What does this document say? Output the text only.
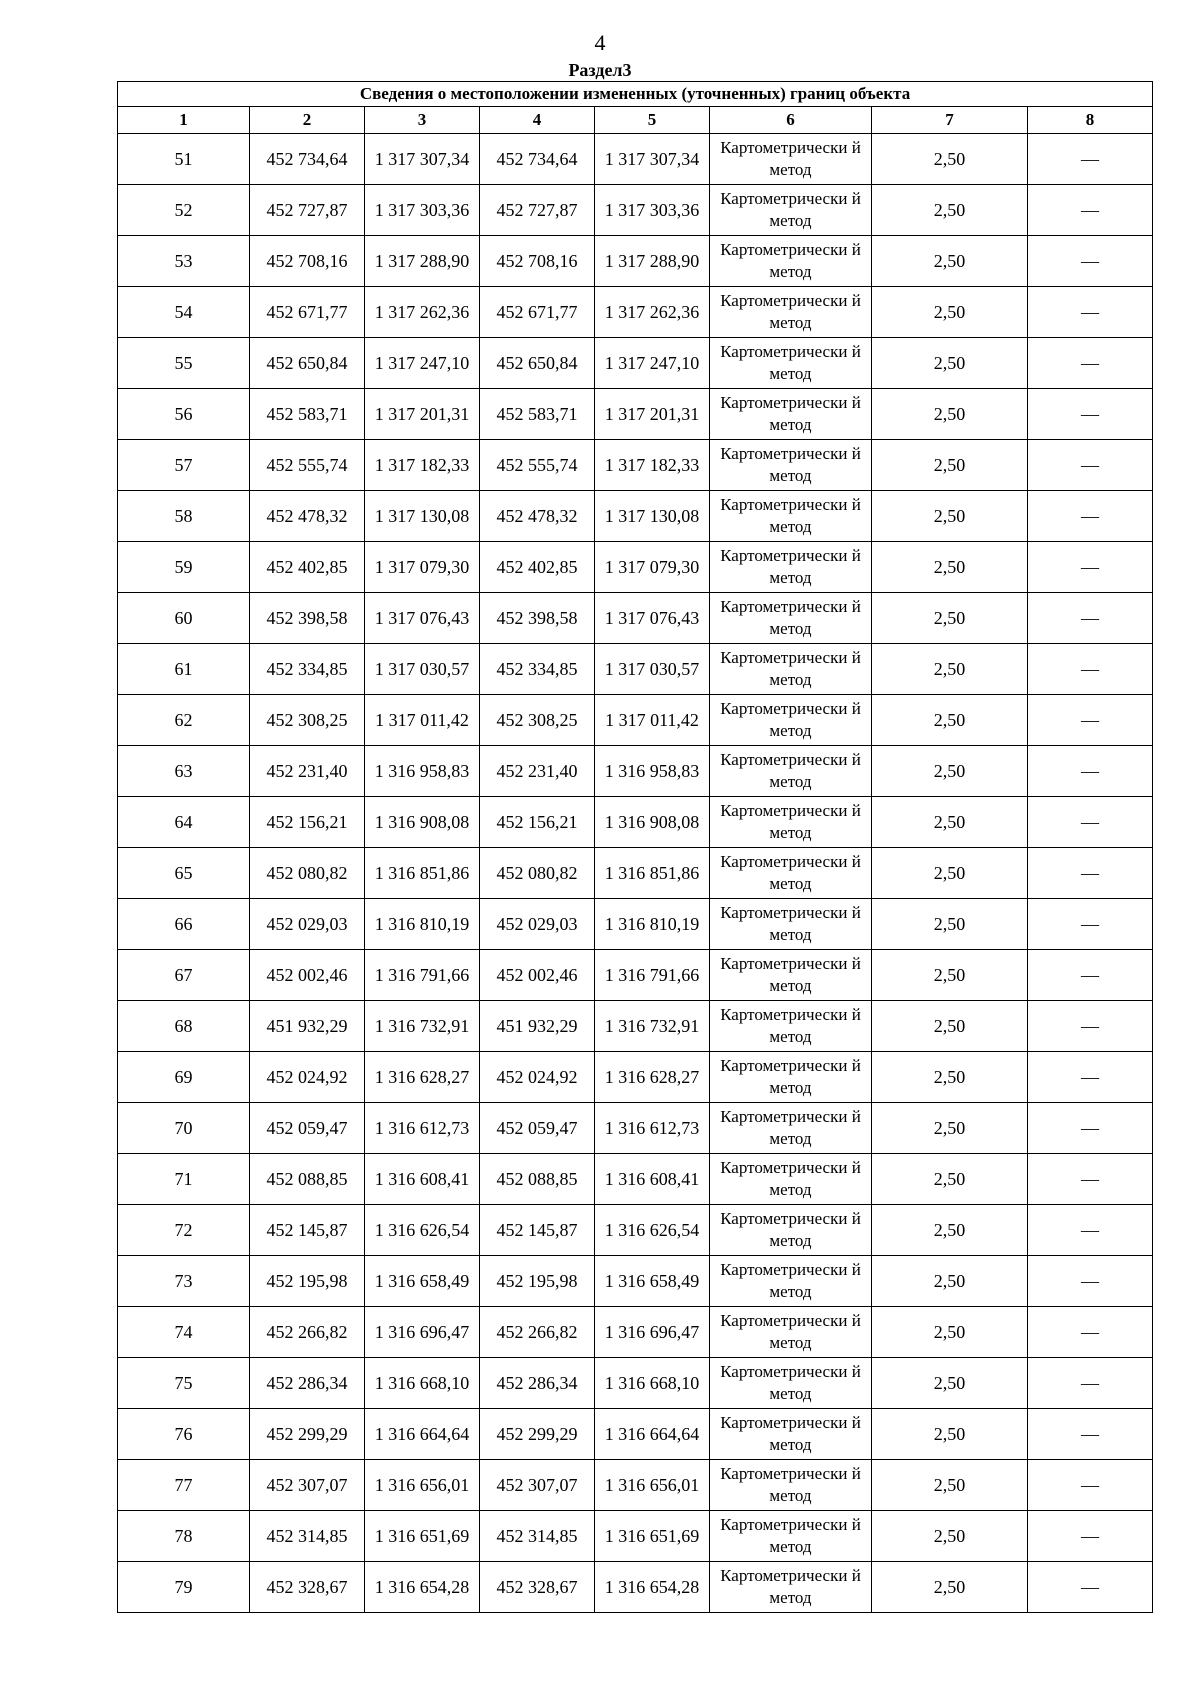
4
Раздел3
Сведения о местоположении измененных (уточненных) границ объекта							
1	2	3	4	5	6	7	8
51	452 734,64	1 317 307,34	452 734,64	1 317 307,34	Картометрически й метод	2,50	—
52	452 727,87	1 317 303,36	452 727,87	1 317 303,36	Картометрически й метод	2,50	—
53	452 708,16	1 317 288,90	452 708,16	1 317 288,90	Картометрически й метод	2,50	—
54	452 671,77	1 317 262,36	452 671,77	1 317 262,36	Картометрически й метод	2,50	—
55	452 650,84	1 317 247,10	452 650,84	1 317 247,10	Картометрически й метод	2,50	—
56	452 583,71	1 317 201,31	452 583,71	1 317 201,31	Картометрически й метод	2,50	—
57	452 555,74	1 317 182,33	452 555,74	1 317 182,33	Картометрически й метод	2,50	—
58	452 478,32	1 317 130,08	452 478,32	1 317 130,08	Картометрически й метод	2,50	—
59	452 402,85	1 317 079,30	452 402,85	1 317 079,30	Картометрически й метод	2,50	—
60	452 398,58	1 317 076,43	452 398,58	1 317 076,43	Картометрически й метод	2,50	—
61	452 334,85	1 317 030,57	452 334,85	1 317 030,57	Картометрически й метод	2,50	—
62	452 308,25	1 317 011,42	452 308,25	1 317 011,42	Картометрически й метод	2,50	—
63	452 231,40	1 316 958,83	452 231,40	1 316 958,83	Картометрически й метод	2,50	—
64	452 156,21	1 316 908,08	452 156,21	1 316 908,08	Картометрически й метод	2,50	—
65	452 080,82	1 316 851,86	452 080,82	1 316 851,86	Картометрически й метод	2,50	—
66	452 029,03	1 316 810,19	452 029,03	1 316 810,19	Картометрически й метод	2,50	—
67	452 002,46	1 316 791,66	452 002,46	1 316 791,66	Картометрически й метод	2,50	—
68	451 932,29	1 316 732,91	451 932,29	1 316 732,91	Картометрически й метод	2,50	—
69	452 024,92	1 316 628,27	452 024,92	1 316 628,27	Картометрически й метод	2,50	—
70	452 059,47	1 316 612,73	452 059,47	1 316 612,73	Картометрически й метод	2,50	—
71	452 088,85	1 316 608,41	452 088,85	1 316 608,41	Картометрически й метод	2,50	—
72	452 145,87	1 316 626,54	452 145,87	1 316 626,54	Картометрически й метод	2,50	—
73	452 195,98	1 316 658,49	452 195,98	1 316 658,49	Картометрически й метод	2,50	—
74	452 266,82	1 316 696,47	452 266,82	1 316 696,47	Картометрически й метод	2,50	—
75	452 286,34	1 316 668,10	452 286,34	1 316 668,10	Картометрически й метод	2,50	—
76	452 299,29	1 316 664,64	452 299,29	1 316 664,64	Картометрически й метод	2,50	—
77	452 307,07	1 316 656,01	452 307,07	1 316 656,01	Картометрически й метод	2,50	—
78	452 314,85	1 316 651,69	452 314,85	1 316 651,69	Картометрически й метод	2,50	—
79	452 328,67	1 316 654,28	452 328,67	1 316 654,28	Картометрически й метод	2,50	—
